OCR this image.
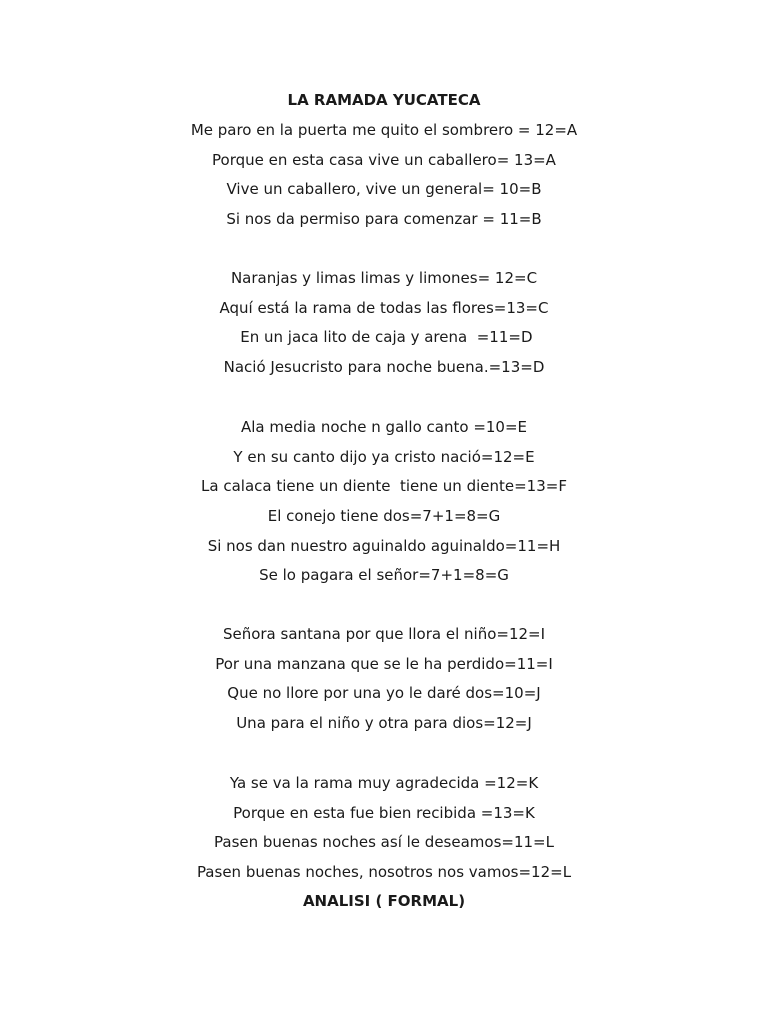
LA RAMADA YUCATECA
Me paro en la puerta me quito el sombrero = 12=A
Porque en esta casa vive un caballero= 13=A
Vive un caballero, vive un general= 10=B
Si nos da permiso para comenzar = 11=B
Naranjas y limas limas y limones= 12=C
Aquí está la rama de todas las flores=13=C
En un jaca lito de caja y arena  =11=D
Nació Jesucristo para noche buena.=13=D
Ala media noche n gallo canto =10=E
Y en su canto dijo ya cristo nació=12=E
La calaca tiene un diente  tiene un diente=13=F
El conejo tiene dos=7+1=8=G
Si nos dan nuestro aguinaldo aguinaldo=11=H
Se lo pagara el señor=7+1=8=G
Señora santana por que llora el niño=12=I
Por una manzana que se le ha perdido=11=I
Que no llore por una yo le daré dos=10=J
Una para el niño y otra para dios=12=J
Ya se va la rama muy agradecida =12=K
Porque en esta fue bien recibida =13=K
Pasen buenas noches así le deseamos=11=L
Pasen buenas noches, nosotros nos vamos=12=L
ANALISI ( FORMAL)
